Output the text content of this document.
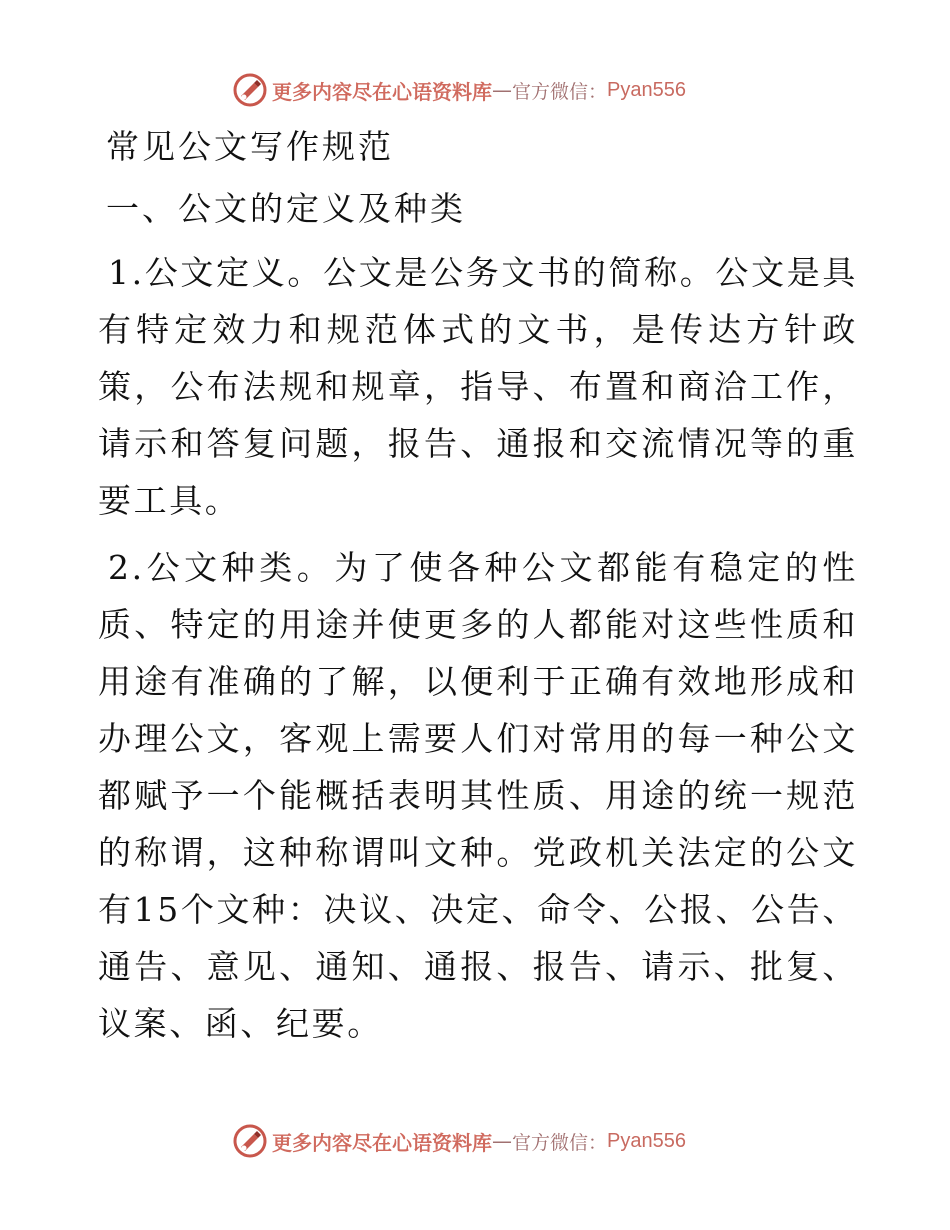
更多内容尽在心语资料库 — 官方微信： Pyan556
常见公文写作规范
一、公文的定义及种类

1.公文定义。公文是公务文书的简称。公文是具有特定效力和规范体式的文书，是传达方针政策，公布法规和规章，指导、布置和商洽工作，请示和答复问题，报告、通报和交流情况等的重要工具。

2.公文种类。为了使各种公文都能有稳定的性质、特定的用途并使更多的人都能对这些性质和用途有准确的了解，以便利于正确有效地形成和办理公文，客观上需要人们对常用的每一种公文都赋予一个能概括表明其性质、用途的统一规范的称谓，这种称谓叫文种。党政机关法定的公文有15个文种：决议、决定、命令、公报、公告、通告、意见、通知、通报、报告、请示、批复、议案、函、纪要。

更多内容尽在心语资料库 — 官方微信： Pyan556
